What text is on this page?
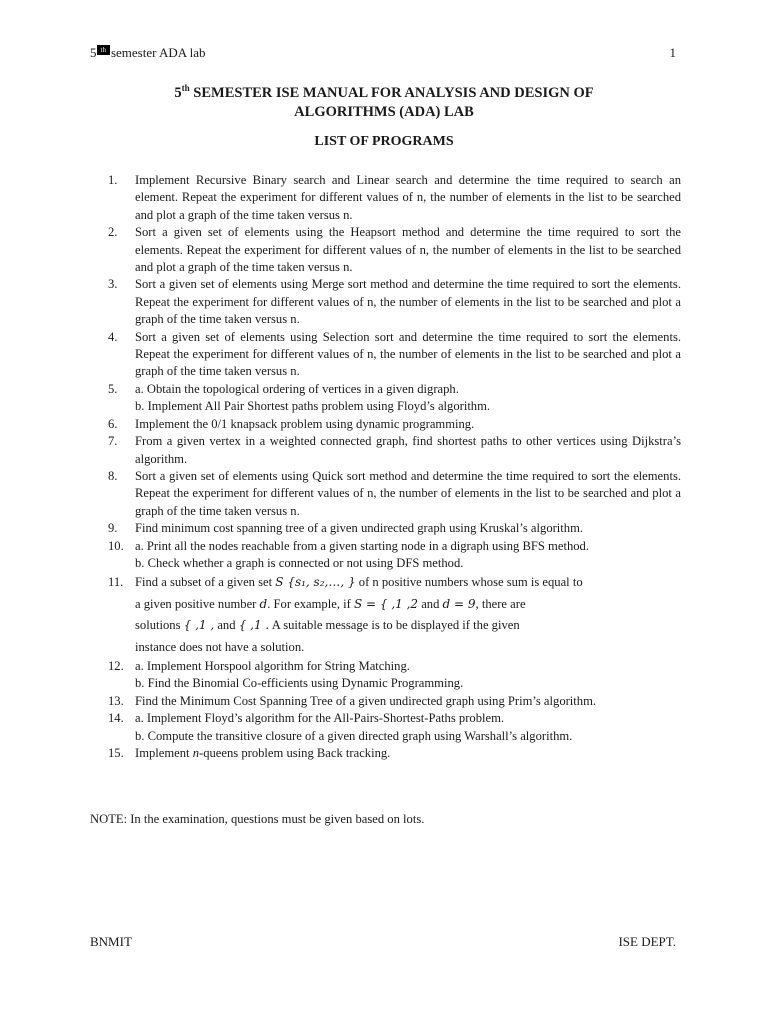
5 th semester ADA lab	1
5th SEMESTER ISE MANUAL FOR ANALYSIS AND DESIGN OF
ALGORITHMS (ADA) LAB
LIST OF PROGRAMS
1.	Implement Recursive Binary search and Linear search and determine the time required to search an element. Repeat the experiment for different values of n, the number of elements in the list to be searched and plot a graph of the time taken versus n.
2.	Sort a given set of elements using the Heapsort method and determine the time required to sort the elements. Repeat the experiment for different values of n, the number of elements in the list to be searched and plot a graph of the time taken versus n.
3.	Sort a given set of elements using Merge sort method and determine the time required to sort the elements. Repeat the experiment for different values of n, the number of elements in the list to be searched and plot a graph of the time taken versus n.
4.	Sort a given set of elements using Selection sort and determine the time required to sort the elements. Repeat the experiment for different values of n, the number of elements in the list to be searched and plot a graph of the time taken versus n.
5.	a. Obtain the topological ordering of vertices in a given digraph.
b. Implement All Pair Shortest paths problem using Floyd’s algorithm.
6.	Implement the 0/1 knapsack problem using dynamic programming.
7.	From a given vertex in a weighted connected graph, find shortest paths to other vertices using Dijkstra’s algorithm.
8.	Sort a given set of elements using Quick sort method and determine the time required to sort the elements. Repeat the experiment for different values of n, the number of elements in the list to be searched and plot a graph of the time taken versus n.
9.	Find minimum cost spanning tree of a given undirected graph using Kruskal’s algorithm.
10. a. Print all the nodes reachable from a given starting node in a digraph using BFS method.
b. Check whether a graph is connected or not using DFS method.
11. Find a subset of a given set S {s₁, s₂,…, } of n positive numbers whose sum is equal to
a given positive number d. For example, if S = { ,1 ,2 and d = 9, there are
solutions { ,1 , and { ,1 . A suitable message is to be displayed if the given
instance does not have a solution.
12. a. Implement Horspool algorithm for String Matching.
b. Find the Binomial Co-efficients using Dynamic Programming.
13. Find the Minimum Cost Spanning Tree of a given undirected graph using Prim’s algorithm.
14. a. Implement Floyd’s algorithm for the All-Pairs-Shortest-Paths problem.
b. Compute the transitive closure of a given directed graph using Warshall’s algorithm.
15. Implement n-queens problem using Back tracking.
NOTE: In the examination, questions must be given based on lots.
BNMIT	ISE DEPT.
